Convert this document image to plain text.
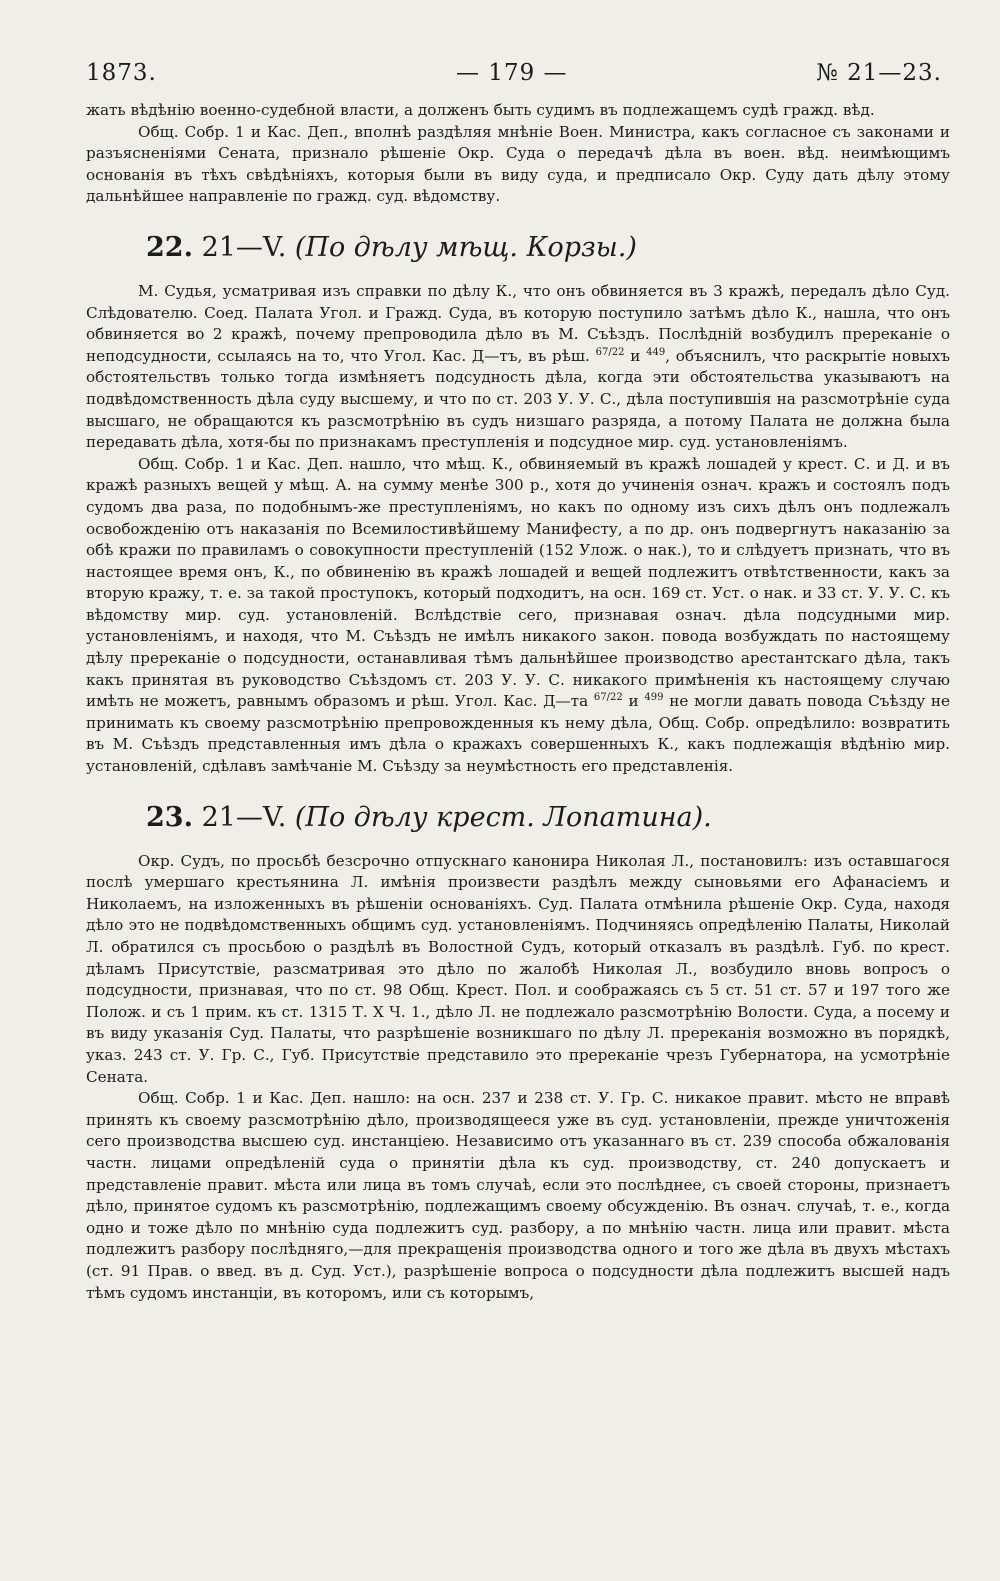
1873.	— 179 —	№ 21—23.

жать вѣдѣнію военно-судебной власти, а долженъ быть судимъ въ подлежащемъ судѣ гражд. вѣд.

Общ. Собр. 1 и Кас. Деп., вполнѣ раздѣляя мнѣніе Воен. Министра, какъ согласное съ законами и разъясненіями Сената, признало рѣшеніе Окр. Суда о передачѣ дѣла въ воен. вѣд. неимѣющимъ основанія въ тѣхъ свѣдѣніяхъ, которыя были въ виду суда, и предписало Окр. Суду дать дѣлу этому дальнѣйшее направленіе по гражд. суд. вѣдомству.

22. 21—V. (По дѣлу мѣщ. Корзы.)

М. Судья, усматривая изъ справки по дѣлу К., что онъ обвиняется въ 3 кражѣ, передалъ дѣло Суд. Слѣдователю. Соед. Палата Угол. и Гражд. Суда, въ которую поступило затѣмъ дѣло К., нашла, что онъ обвиняется во 2 кражѣ, почему препроводила дѣло въ М. Съѣздъ. Послѣдній возбудилъ пререканіе о неподсудности, ссылаясь на то, что Угол. Кас. Д—тъ, въ рѣш. $^{67/22}$ и $^{449}$, объяснилъ, что раскрытіе новыхъ обстоятельствъ только тогда измѣняетъ подсудность дѣла, когда эти обстоятельства указываютъ на подвѣдомственность дѣла суду высшему, и что по ст. 203 У. У. С., дѣла поступившія на разсмотрѣніе суда высшаго, не обращаются къ разсмотрѣнію въ судъ низшаго разряда, а потому Палата не должна была передавать дѣла, хотя-бы по признакамъ преступленія и подсудное мир. суд. установленіямъ.

Общ. Собр. 1 и Кас. Деп. нашло, что мѣщ. К., обвиняемый въ кражѣ лошадей у крест. С. и Д. и въ кражѣ разныхъ вещей у мѣщ. А. на сумму менѣе 300 р., хотя до учиненія означ. кражъ и состоялъ подъ судомъ два раза, по подобнымъ-же преступленіямъ, но какъ по одному изъ сихъ дѣлъ онъ подлежалъ освобожденію отъ наказанія по Всемилостивѣйшему Манифесту, а по др. онъ подвергнутъ наказанію за обѣ кражи по правиламъ о совокупности преступленій (152 Улож. о нак.), то и слѣдуетъ признать, что въ настоящее время онъ, К., по обвиненію въ кражѣ лошадей и вещей подлежитъ отвѣтственности, какъ за вторую кражу, т. е. за такой проступокъ, который подходитъ, на осн. 169 ст. Уст. о нак. и 33 ст. У. У. С. къ вѣдомству мир. суд. установленій. Вслѣдствіе сего, признавая означ. дѣла подсудными мир. установленіямъ, и находя, что М. Съѣздъ не имѣлъ никакого закон. повода возбуждать по настоящему дѣлу пререканіе о подсудности, останавливая тѣмъ дальнѣйшее производство арестантскаго дѣла, такъ какъ принятая въ руководство Съѣздомъ ст. 203 У. У. С. никакого примѣненія къ настоящему случаю имѣть не можетъ, равнымъ образомъ и рѣш. Угол. Кас. Д—та $^{67/22}$ и $^{499}$ не могли давать повода Съѣзду не принимать къ своему разсмотрѣнію препровожденныя къ нему дѣла, Общ. Собр. опредѣлило: возвратить въ М. Съѣздъ представленныя имъ дѣла о кражахъ совершенныхъ К., какъ подлежащія вѣдѣнію мир. установленій, сдѣлавъ замѣчаніе М. Съѣзду за неумѣстность его представленія.

23. 21—V. (По дѣлу крест. Лопатина).

Окр. Судъ, по просьбѣ безсрочно отпускнаго канонира Николая Л., постановилъ: изъ оставшагося послѣ умершаго крестьянина Л. имѣнія произвести раздѣлъ между сыновьями его Афанасіемъ и Николаемъ, на изложенныхъ въ рѣшеніи основаніяхъ. Суд. Палата отмѣнила рѣшеніе Окр. Суда, находя дѣло это не подвѣдомственныхъ общимъ суд. установленіямъ. Подчиняясь опредѣленію Палаты, Николай Л. обратился съ просьбою о раздѣлѣ въ Волостной Судъ, который отказалъ въ раздѣлѣ. Губ. по крест. дѣламъ Присутствіе, разсматривая это дѣло по жалобѣ Николая Л., возбудило вновь вопросъ о подсудности, признавая, что по ст. 98 Общ. Крест. Пол. и соображаясь съ 5 ст. 51 ст. 57 и 197 того же Полож. и съ 1 прим. къ ст. 1315 Т. X Ч. 1., дѣло Л. не подлежало разсмотрѣнію Волости. Суда, а посему и въ виду указанія Суд. Палаты, что разрѣшеніе возникшаго по дѣлу Л. пререканія возможно въ порядкѣ, указ. 243 ст. У. Гр. С., Губ. Присутствіе представило это пререканіе чрезъ Губернатора, на усмотрѣніе Сената.

Общ. Собр. 1 и Кас. Деп. нашло: на осн. 237 и 238 ст. У. Гр. С. никакое правит. мѣсто не вправѣ принять къ своему разсмотрѣнію дѣло, производящееся уже въ суд. установленіи, прежде уничтоженія сего производства высшею суд. инстанціею. Независимо отъ указаннаго въ ст. 239 способа обжалованія частн. лицами опредѣленій суда о принятіи дѣла къ суд. производству, ст. 240 допускаетъ и представленіе правит. мѣста или лица въ томъ случаѣ, если это послѣднее, съ своей стороны, признаетъ дѣло, принятое судомъ къ разсмотрѣнію, подлежащимъ своему обсужденію. Въ означ. случаѣ, т. е., когда одно и тоже дѣло по мнѣнію суда подлежитъ суд. разбору, а по мнѣнію частн. лица или правит. мѣста подлежитъ разбору послѣдняго,—для прекращенія производства одного и того же дѣла въ двухъ мѣстахъ (ст. 91 Прав. о введ. въ д. Суд. Уст.), разрѣшеніе вопроса о подсудности дѣла подлежитъ высшей надъ тѣмъ судомъ инстанціи, въ которомъ, или съ которымъ,
